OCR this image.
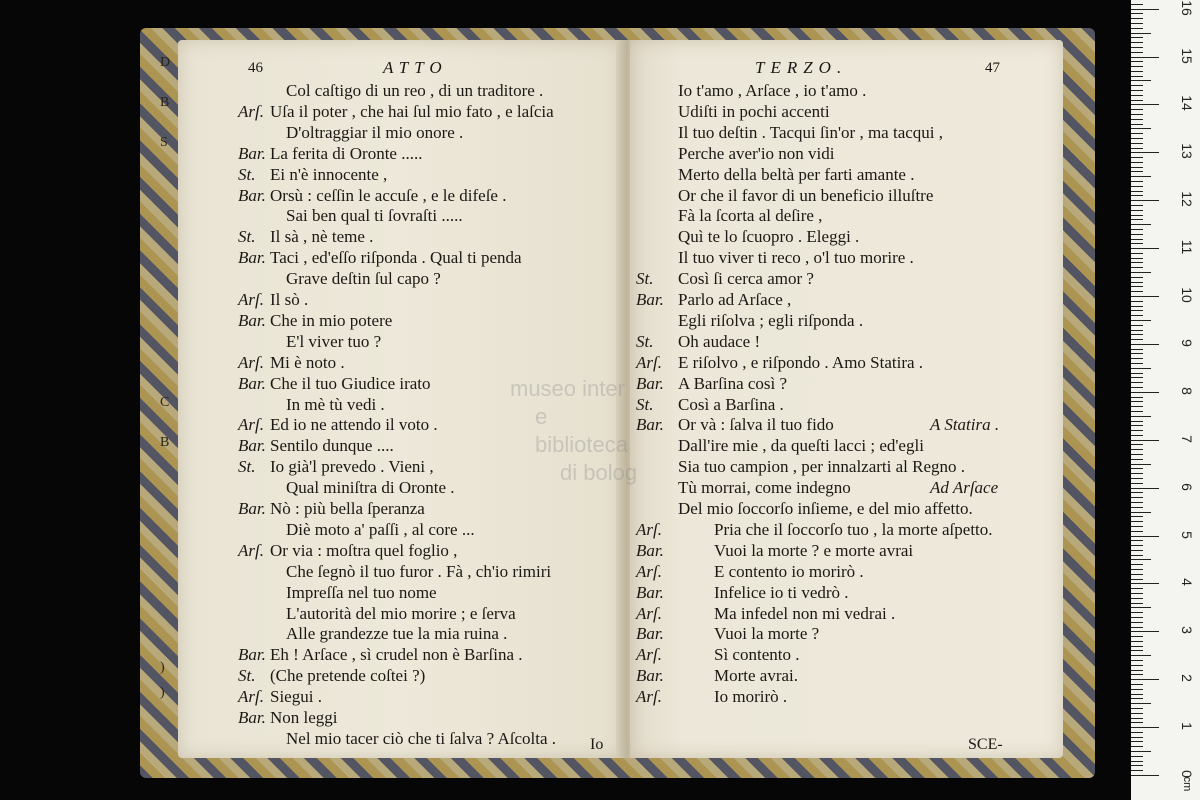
46	ATTO
Col caſtigo di un reo , di un traditore .
Arſ. Uſa il poter , che hai ſul mio fato , e laſcia
D'oltraggiar il mio onore .
Bar. La ferita di Oronte .....
St. Ei n'è innocente ,
Bar. Orsù : ceſſin le accuſe , e le difeſe .
Sai ben qual ti ſovraſti .....
St. Il sà , nè teme .
Bar. Taci , ed'eſſo riſponda . Qual ti penda
Grave deſtin ſul capo ?
Arſ. Il sò .
Bar. Che in mio potere
E'l viver tuo ?
Arſ. Mi è noto .
Bar. Che il tuo Giudice irato
In mè tù vedi .
Arſ. Ed io ne attendo il voto .
Bar. Sentilo dunque ....
St. Io già'l prevedo . Vieni ,
Qual miniſtra di Oronte .
Bar. Nò : più bella ſperanza
Diè moto a' paſſi , al core ...
Arſ. Or via : moſtra quel foglio ,
Che ſegnò il tuo furor . Fà , ch'io rimiri
Impreſſa nel tuo nome
L'autorità del mio morire ; e ſerva
Alle grandezze tue la mia ruina .
Bar. Eh ! Arſace , sì crudel non è Barſina .
St. (Che pretende coſtei ?)
Arſ. Siegui .
Bar. Non leggi
Nel mio tacer ciò che ti ſalva ? Aſcolta . Io
47
TERZO.
Io t'amo , Arſace , io t'amo .
Udiſti in pochi accenti
Il tuo deſtin . Tacqui ſin'or , ma tacqui ,
Perche aver'io non vidi
Merto della beltà per farti amante .
Or che il favor di un beneficio illuſtre
Fà la ſcorta al deſire ,
Quì te lo ſcuopro . Eleggi .
Il tuo viver ti reco , o'l tuo morire .
St. Così ſi cerca amor ?
Bar. Parlo ad Arſace ,
Egli riſolva ; egli riſponda .
St. Oh audace !
Arſ. E riſolvo , e riſpondo . Amo Statira .
Bar. A Barſina così ?
St. Così a Barſina .
Bar. Or và : ſalva il tuo fido	A Statira .
Dall'ire mie , da queſti lacci ; ed'egli
Sia tuo campion , per innalzarti al Regno .
Tù morrai, come indegno	Ad Arſace
Del mio ſoccorſo inſieme, e del mio affetto.
Arſ.	Pria che il ſoccorſo tuo , la morte aſpetto.
Bar.	Vuoi la morte ? e morte avrai
Arſ.	E contento io morirò .
Bar.	Infelice io ti vedrò .
Arſ.	Ma infedel non mi vedrai .
Bar.	Vuoi la morte ?
Arſ.	Sì contento .
Bar.	Morte avrai.
Arſ.	Io morirò .
SCE-
D
B
S
C
B
)
)
museo inter
e biblioteca
di bolog
0
1
2
3
4
5
6
7
8
9
10
11
12
13
14
15
16
cm
